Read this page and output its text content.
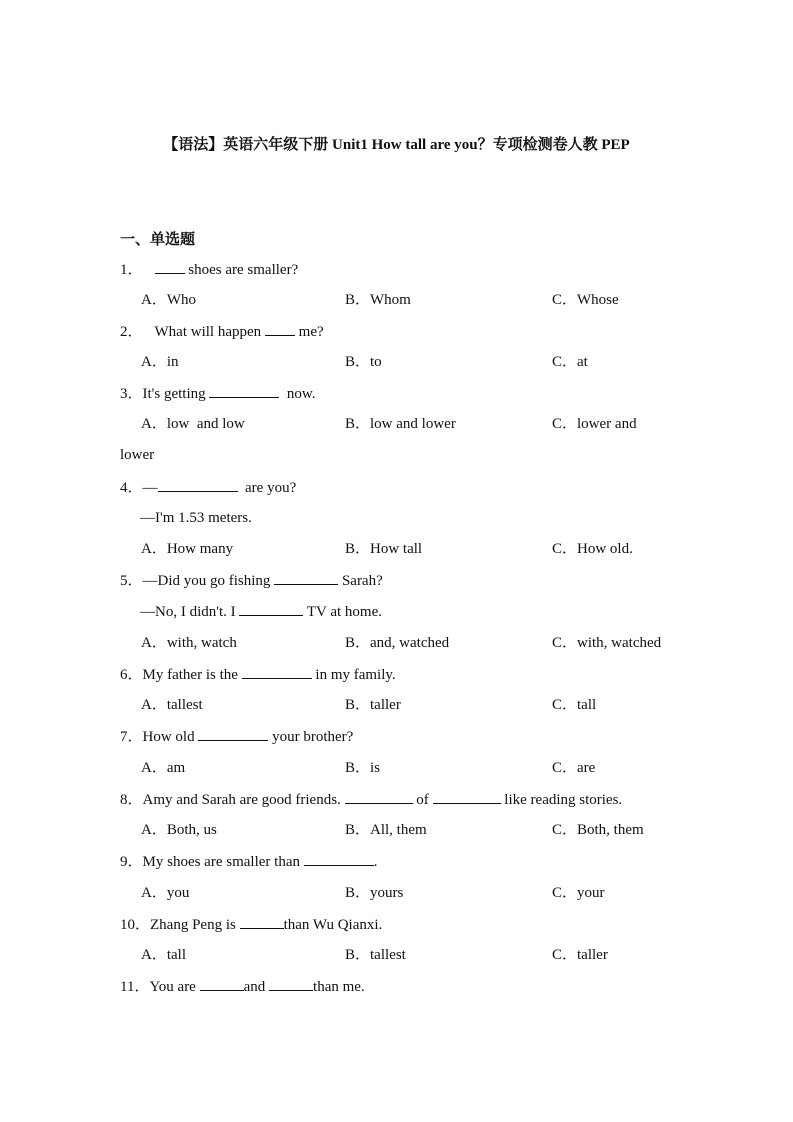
【语法】英语六年级下册 Unit1 How tall are you？专项检测卷人教 PEP
一、单选题
1．	shoes are smaller?
A．Who	B．Whom	C．Whose
2． What will happen  me?
A．in	B．to	C．at
3．It's getting	now.
A．low  and low	B．low and lower	C．lower and
lower
4．—	are you?
—I'm 1.53 meters.
A．How many	B．How tall	C．How old.
5．—Did you go fishing	Sarah?
—No, I didn't. I	TV at home.
A．with, watch	B．and, watched	C．with, watched
6．My father is the	in my family.
A．tallest	B．taller	C．tall
7．How old	your brother?
A．am	B．is	C．are
8．Amy and Sarah are good friends.	of	like reading stories.
A．Both, us	B．All, them	C．Both, them
9．My shoes are smaller than	.
A．you	B．yours	C．your
10．Zhang Peng is	than Wu Qianxi.
A．tall	B．tallest	C．taller
11．You are	and	than me.
